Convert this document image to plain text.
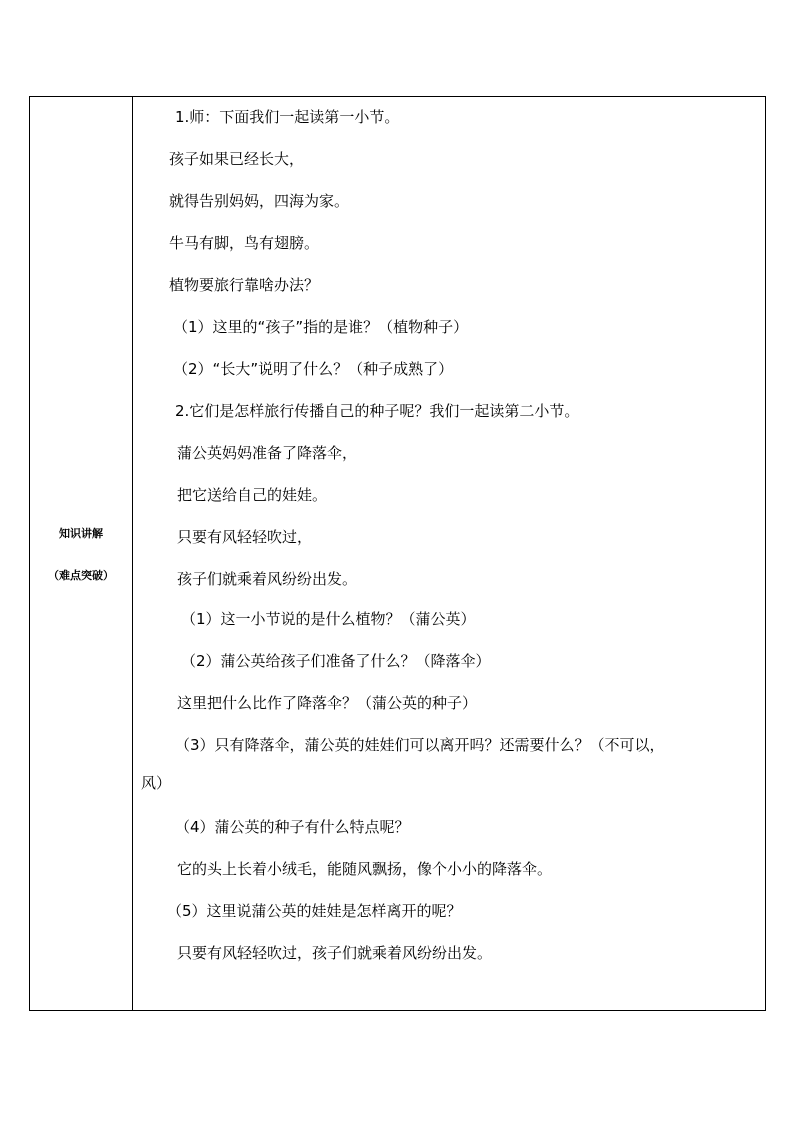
知识讲解
（难点突破）
1.师：下面我们一起读第一小节。
孩子如果已经长大，
就得告别妈妈，四海为家。
牛马有脚，鸟有翅膀。
植物要旅行靠啥办法？
（1）这里的“孩子”指的是谁？（植物种子）
（2）“长大”说明了什么？（种子成熟了）
2.它们是怎样旅行传播自己的种子呢？我们一起读第二小节。
蒲公英妈妈准备了降落伞，
把它送给自己的娃娃。
只要有风轻轻吹过，
孩子们就乘着风纷纷出发。
（1）这一小节说的是什么植物？（蒲公英）
（2）蒲公英给孩子们准备了什么？（降落伞）
这里把什么比作了降落伞？（蒲公英的种子）
（3）只有降落伞，蒲公英的娃娃们可以离开吗？还需要什么？（不可以，
风）
（4）蒲公英的种子有什么特点呢？
它的头上长着小绒毛，能随风飘扬，像个小小的降落伞。
（5）这里说蒲公英的娃娃是怎样离开的呢？
只要有风轻轻吹过，孩子们就乘着风纷纷出发。
